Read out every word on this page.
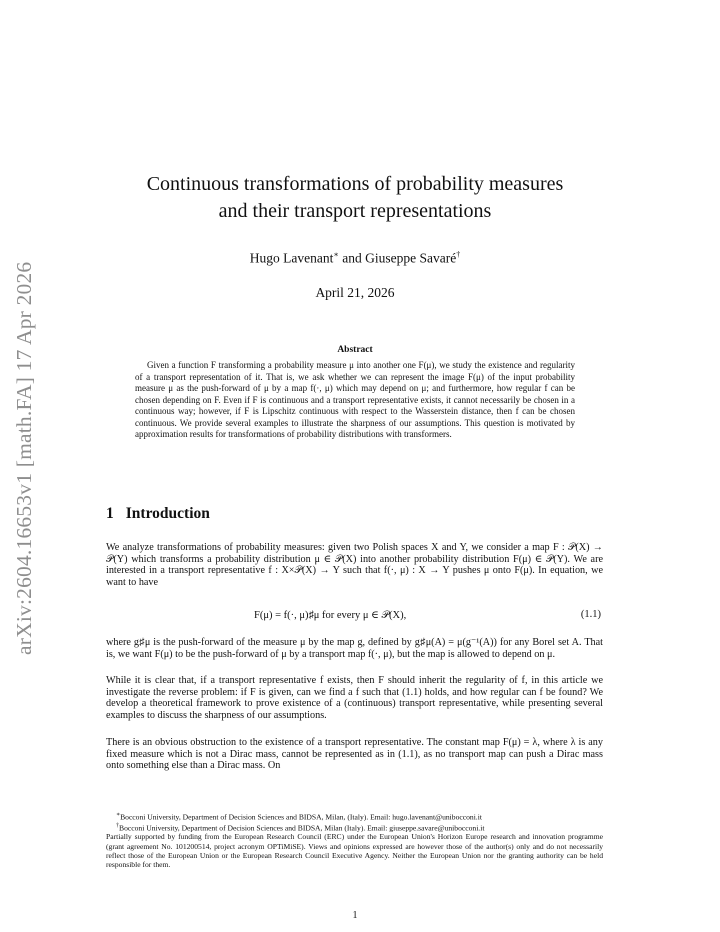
arXiv:2604.16653v1 [math.FA] 17 Apr 2026
Continuous transformations of probability measures
and their transport representations
Hugo Lavenant∗ and Giuseppe Savaré†
April 21, 2026
Abstract
Given a function F transforming a probability measure μ into another one F(μ), we study the existence and regularity of a transport representation of it. That is, we ask whether we can represent the image F(μ) of the input probability measure μ as the push-forward of μ by a map f(·, μ) which may depend on μ; and furthermore, how regular f can be chosen depending on F. Even if F is continuous and a transport representative exists, it cannot necessarily be chosen in a continuous way; however, if F is Lipschitz continuous with respect to the Wasserstein distance, then f can be chosen continuous. We provide several examples to illustrate the sharpness of our assumptions. This question is motivated by approximation results for transformations of probability distributions with transformers.
1 Introduction
We analyze transformations of probability measures: given two Polish spaces X and Y, we consider a map F : 𝒫(X) → 𝒫(Y) which transforms a probability distribution μ ∈ 𝒫(X) into another probability distribution F(μ) ∈ 𝒫(Y). We are interested in a transport representative f : X×𝒫(X) → Y such that f(·, μ) : X → Y pushes μ onto F(μ). In equation, we want to have
F(μ) = f(·, μ)♯μ for every μ ∈ 𝒫(X),	(1.1)
where g♯μ is the push-forward of the measure μ by the map g, defined by g♯μ(A) = μ(g⁻¹(A)) for any Borel set A. That is, we want F(μ) to be the push-forward of μ by a transport map f(·, μ), but the map is allowed to depend on μ.
While it is clear that, if a transport representative f exists, then F should inherit the regularity of f, in this article we investigate the reverse problem: if F is given, can we find a f such that (1.1) holds, and how regular can f be found? We develop a theoretical framework to prove existence of a (continuous) transport representative, while presenting several examples to discuss the sharpness of our assumptions.
There is an obvious obstruction to the existence of a transport representative. The constant map F(μ) = λ, where λ is any fixed measure which is not a Dirac mass, cannot be represented as in (1.1), as no transport map can push a Dirac mass onto something else than a Dirac mass. On
∗Bocconi University, Department of Decision Sciences and BIDSA, Milan, (Italy). Email: hugo.lavenant@unibocconi.it
†Bocconi University, Department of Decision Sciences and BIDSA, Milan (Italy). Email: giuseppe.savare@unibocconi.it
Partially supported by funding from the European Research Council (ERC) under the European Union's Horizon Europe research and innovation programme (grant agreement No. 101200514, project acronym OPTiMiSE). Views and opinions expressed are however those of the author(s) only and do not necessarily reflect those of the European Union or the European Research Council Executive Agency. Neither the European Union nor the granting authority can be held responsible for them.
1
